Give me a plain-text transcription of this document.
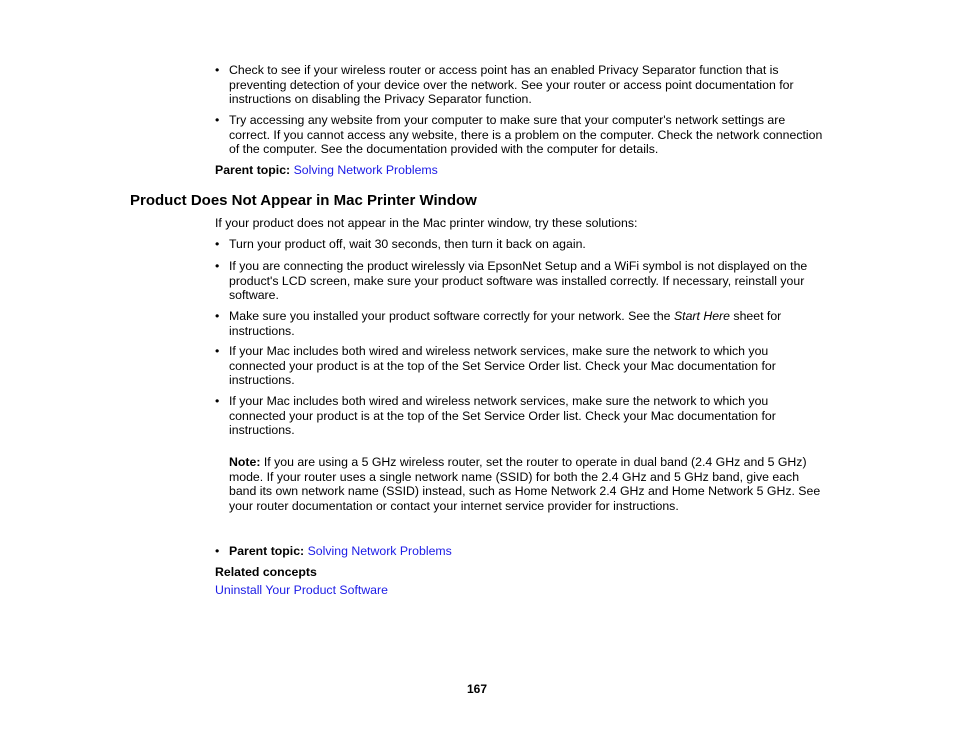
• Check to see if your wireless router or access point has an enabled Privacy Separator function that is preventing detection of your device over the network. See your router or access point documentation for instructions on disabling the Privacy Separator function.
• Try accessing any website from your computer to make sure that your computer's network settings are correct. If you cannot access any website, there is a problem on the computer. Check the network connection of the computer. See the documentation provided with the computer for details.
Parent topic: Solving Network Problems
Product Does Not Appear in Mac Printer Window
If your product does not appear in the Mac printer window, try these solutions:
• Turn your product off, wait 30 seconds, then turn it back on again.
• If you are connecting the product wirelessly via EpsonNet Setup and a WiFi symbol is not displayed on the product's LCD screen, make sure your product software was installed correctly. If necessary, reinstall your software.
• Make sure you installed your product software correctly for your network. See the Start Here sheet for instructions.
• If your Mac includes both wired and wireless network services, make sure the network to which you connected your product is at the top of the Set Service Order list. Check your Mac documentation for instructions.
• If your Mac includes both wired and wireless network services, make sure the network to which you connected your product is at the top of the Set Service Order list. Check your Mac documentation for instructions.
Note: If you are using a 5 GHz wireless router, set the router to operate in dual band (2.4 GHz and 5 GHz) mode. If your router uses a single network name (SSID) for both the 2.4 GHz and 5 GHz band, give each band its own network name (SSID) instead, such as Home Network 2.4 GHz and Home Network 5 GHz. See your router documentation or contact your internet service provider for instructions.
• Parent topic: Solving Network Problems
Related concepts
Uninstall Your Product Software
167
